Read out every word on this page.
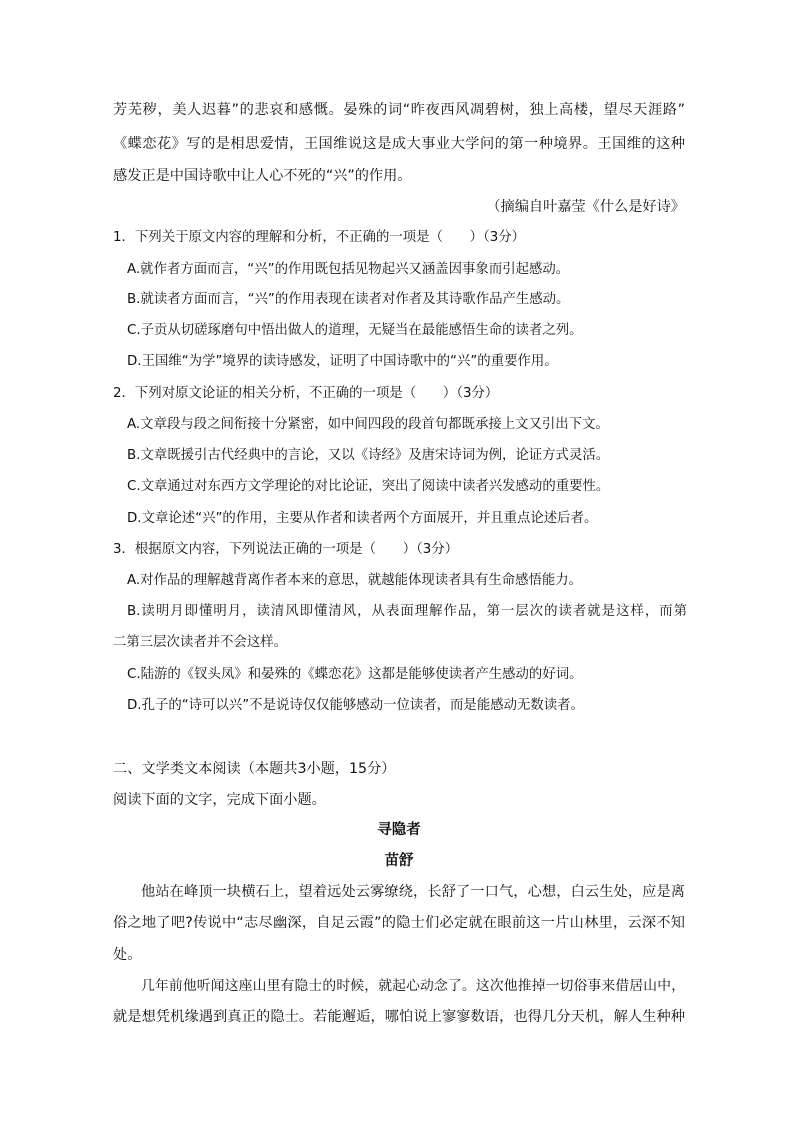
芳芜秽，美人迟暮”的悲哀和感慨。晏殊的词“昨夜西风凋碧树，独上高楼，望尽天涯路”

《蝶恋花》写的是相思爱情，王国维说这是成大事业大学问的第一种境界。王国维的这种

感发正是中国诗歌中让人心不死的“兴”的作用。

（摘编自叶嘉莹《什么是好诗》

1．下列关于原文内容的理解和分析，不正确的一项是（　　）（3分）

A.就作者方面而言，“兴”的作用既包括见物起兴又涵盖因事象而引起感动。

B.就读者方面而言，“兴”的作用表现在读者对作者及其诗歌作品产生感动。

C.子贡从切磋琢磨句中悟出做人的道理，无疑当在最能感悟生命的读者之列。

D.王国维“为学”境界的读诗感发，证明了中国诗歌中的“兴”的重要作用。

2．下列对原文论证的相关分析，不正确的一项是（　　）（3分）

A.文章段与段之间衔接十分紧密，如中间四段的段首句都既承接上文又引出下文。

B.文章既援引古代经典中的言论，又以《诗经》及唐宋诗词为例，论证方式灵活。

C.文章通过对东西方文学理论的对比论证，突出了阅读中读者兴发感动的重要性。

D.文章论述“兴”的作用，主要从作者和读者两个方面展开，并且重点论述后者。

3．根据原文内容，下列说法正确的一项是（　　）（3分）

A.对作品的理解越背离作者本来的意思，就越能体现读者具有生命感悟能力。

B.读明月即懂明月，读清风即懂清风，从表面理解作品，第一层次的读者就是这样，而第

二第三层次读者并不会这样。

C.陆游的《钗头凤》和晏殊的《蝶恋花》这都是能够使读者产生感动的好词。

D.孔子的“诗可以兴”不是说诗仅仅能够感动一位读者，而是能感动无数读者。

二、文学类文本阅读（本题共3小题，15分）

阅读下面的文字，完成下面小题。

寻隐者

苗舒

他站在峰顶一块横石上，望着远处云雾缭绕，长舒了一口气，心想，白云生处，应是离

俗之地了吧?传说中“志尽幽深，自足云霞”的隐士们必定就在眼前这一片山林里，云深不知

处。

几年前他听闻这座山里有隐士的时候，就起心动念了。这次他推掉一切俗事来借居山中，

就是想凭机缘遇到真正的隐士。若能邂逅，哪怕说上寥寥数语，也得几分天机，解人生种种
